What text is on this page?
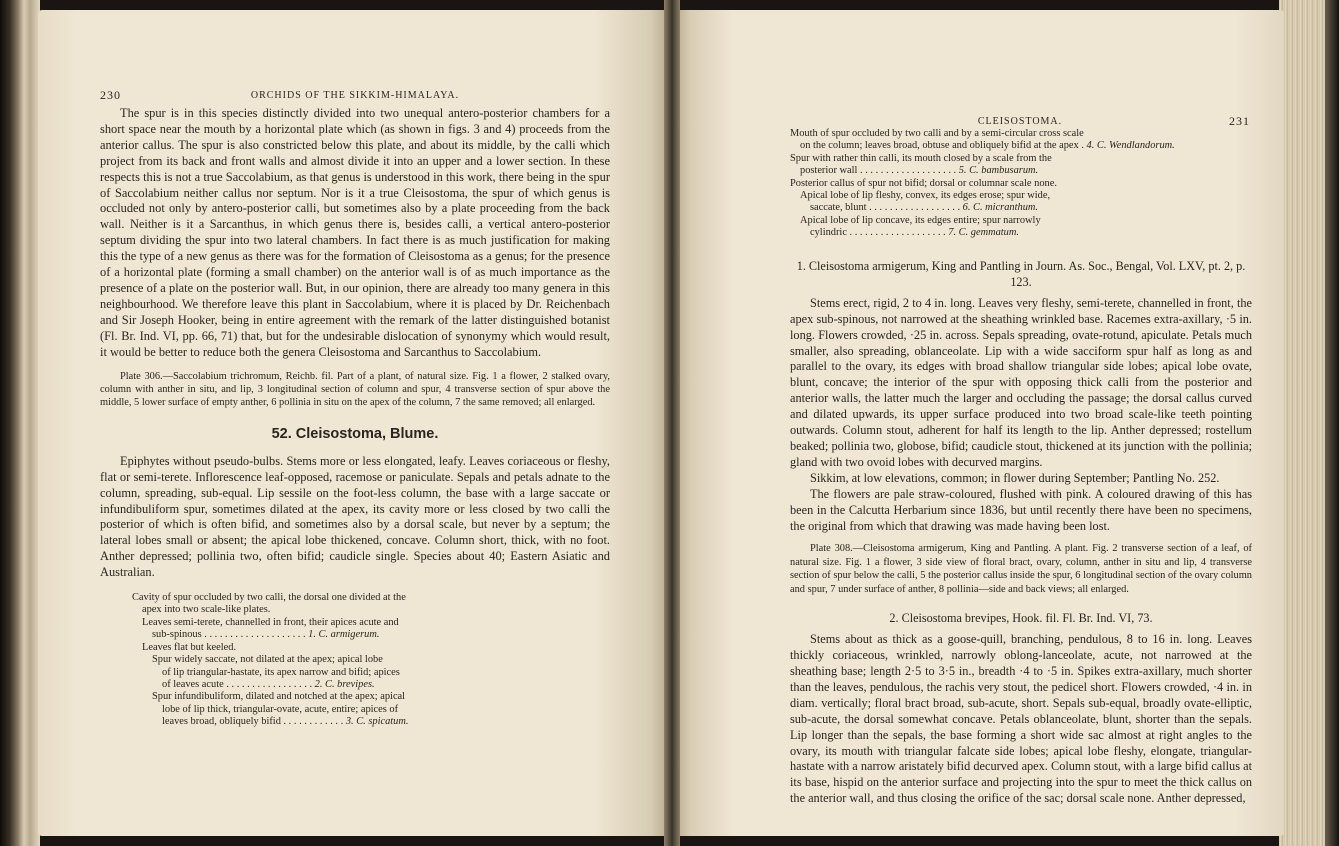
230	ORCHIDS OF THE SIKKIM-HIMALAYA.

The spur is in this species distinctly divided into two unequal antero-posterior chambers for a short space near the mouth by a horizontal plate which (as shown in figs. 3 and 4) proceeds from the anterior callus. The spur is also constricted below this plate, and about its middle, by the calli which project from its back and front walls and almost divide it into an upper and a lower section. In these respects this is not a true Saccolabium, as that genus is understood in this work, there being in the spur of Saccolabium neither callus nor septum. Nor is it a true Cleisostoma, the spur of which genus is occluded not only by antero-posterior calli, but sometimes also by a plate proceeding from the back wall. Neither is it a Sarcanthus, in which genus there is, besides calli, a vertical antero-posterior septum dividing the spur into two lateral chambers. In fact there is as much justification for making this the type of a new genus as there was for the formation of Cleisostoma as a genus; for the presence of a horizontal plate (forming a small chamber) on the anterior wall is of as much importance as the presence of a plate on the posterior wall. But, in our opinion, there are already too many genera in this neighbourhood. We therefore leave this plant in Saccolabium, where it is placed by Dr. Reichenbach and Sir Joseph Hooker, being in entire agreement with the remark of the latter distinguished botanist (Fl. Br. Ind. VI, pp. 66, 71) that, but for the undesirable dislocation of synonymy which would result, it would be better to reduce both the genera Cleisostoma and Sarcanthus to Saccolabium.

Plate 306.—Saccolabium trichromum, Reichb. fil. Part of a plant, of natural size. Fig. 1 a flower, 2 stalked ovary, column with anther in situ, and lip, 3 longitudinal section of column and spur, 4 transverse section of spur above the middle, 5 lower surface of empty anther, 6 pollinia in situ on the apex of the column, 7 the same removed; all enlarged.

52. Cleisostoma, Blume.

Epiphytes without pseudo-bulbs. Stems more or less elongated, leafy. Leaves coriaceous or fleshy, flat or semi-terete. Inflorescence leaf-opposed, racemose or paniculate. Sepals and petals adnate to the column, spreading, sub-equal. Lip sessile on the foot-less column, the base with a large saccate or infundibuliform spur, sometimes dilated at the apex, its cavity more or less closed by two calli the posterior of which is often bifid, and sometimes also by a dorsal scale, but never by a septum; the lateral lobes small or absent; the apical lobe thickened, concave. Column short, thick, with no foot. Anther depressed; pollinia two, often bifid; caudicle single. Species about 40; Eastern Asiatic and Australian.

Cavity of spur occluded by two calli, the dorsal one divided at the
apex into two scale-like plates.
Leaves semi-terete, channelled in front, their apices acute and
sub-spinous . . . . . . . . . . . . . . . . . . . . 1. C. armigerum.
Leaves flat but keeled.
Spur widely saccate, not dilated at the apex; apical lobe
of lip triangular-hastate, its apex narrow and bifid; apices
of leaves acute . . . . . . . . . . . . . . . . . 2. C. brevipes.
Spur infundibuliform, dilated and notched at the apex; apical
lobe of lip thick, triangular-ovate, acute, entire; apices of
leaves broad, obliquely bifid . . . . . . . . . . . . 3. C. spicatum.
CLEISOSTOMA.	231
Mouth of spur occluded by two calli and by a semi-circular cross scale
on the column; leaves broad, obtuse and obliquely bifid at the apex . 4. C. Wendlandorum.
Spur with rather thin calli, its mouth closed by a scale from the
posterior wall . . . . . . . . . . . . . . . . . . . 5. C. bambusarum.
Posterior callus of spur not bifid; dorsal or columnar scale none.
Apical lobe of lip fleshy, convex, its edges erose; spur wide,
saccate, blunt . . . . . . . . . . . . . . . . . . 6. C. micranthum.
Apical lobe of lip concave, its edges entire; spur narrowly
cylindric . . . . . . . . . . . . . . . . . . . 7. C. gemmatum.

1. Cleisostoma armigerum, King and Pantling in Journ. As. Soc., Bengal, Vol. LXV, pt. 2, p. 123.

Stems erect, rigid, 2 to 4 in. long. Leaves very fleshy, semi-terete, channelled in front, the apex sub-spinous, not narrowed at the sheathing wrinkled base. Racemes extra-axillary, ·5 in. long. Flowers crowded, ·25 in. across. Sepals spreading, ovate-rotund, apiculate. Petals much smaller, also spreading, oblanceolate. Lip with a wide sacciform spur half as long as and parallel to the ovary, its edges with broad shallow triangular side lobes; apical lobe ovate, blunt, concave; the interior of the spur with opposing thick calli from the posterior and anterior walls, the latter much the larger and occluding the passage; the dorsal callus curved and dilated upwards, its upper surface produced into two broad scale-like teeth pointing outwards. Column stout, adherent for half its length to the lip. Anther depressed; rostellum beaked; pollinia two, globose, bifid; caudicle stout, thickened at its junction with the pollinia; gland with two ovoid lobes with decurved margins.

Sikkim, at low elevations, common; in flower during September; Pantling No. 252.

The flowers are pale straw-coloured, flushed with pink. A coloured drawing of this has been in the Calcutta Herbarium since 1836, but until recently there have been no specimens, the original from which that drawing was made having been lost.

Plate 308.—Cleisostoma armigerum, King and Pantling. A plant. Fig. 2 transverse section of a leaf, of natural size. Fig. 1 a flower, 3 side view of floral bract, ovary, column, anther in situ and lip, 4 transverse section of spur below the calli, 5 the posterior callus inside the spur, 6 longitudinal section of the ovary column and spur, 7 under surface of anther, 8 pollinia—side and back views; all enlarged.

2. Cleisostoma brevipes, Hook. fil. Fl. Br. Ind. VI, 73.

Stems about as thick as a goose-quill, branching, pendulous, 8 to 16 in. long. Leaves thickly coriaceous, wrinkled, narrowly oblong-lanceolate, acute, not narrowed at the sheathing base; length 2·5 to 3·5 in., breadth ·4 to ·5 in. Spikes extra-axillary, much shorter than the leaves, pendulous, the rachis very stout, the pedicel short. Flowers crowded, ·4 in. in diam. vertically; floral bract broad, sub-acute, short. Sepals sub-equal, broadly ovate-elliptic, sub-acute, the dorsal somewhat concave. Petals oblanceolate, blunt, shorter than the sepals. Lip longer than the sepals, the base forming a short wide sac almost at right angles to the ovary, its mouth with triangular falcate side lobes; apical lobe fleshy, elongate, triangular-hastate with a narrow aristately bifid decurved apex. Column stout, with a large bifid callus at its base, hispid on the anterior surface and projecting into the spur to meet the thick callus on the anterior wall, and thus closing the orifice of the sac; dorsal scale none. Anther depressed,
